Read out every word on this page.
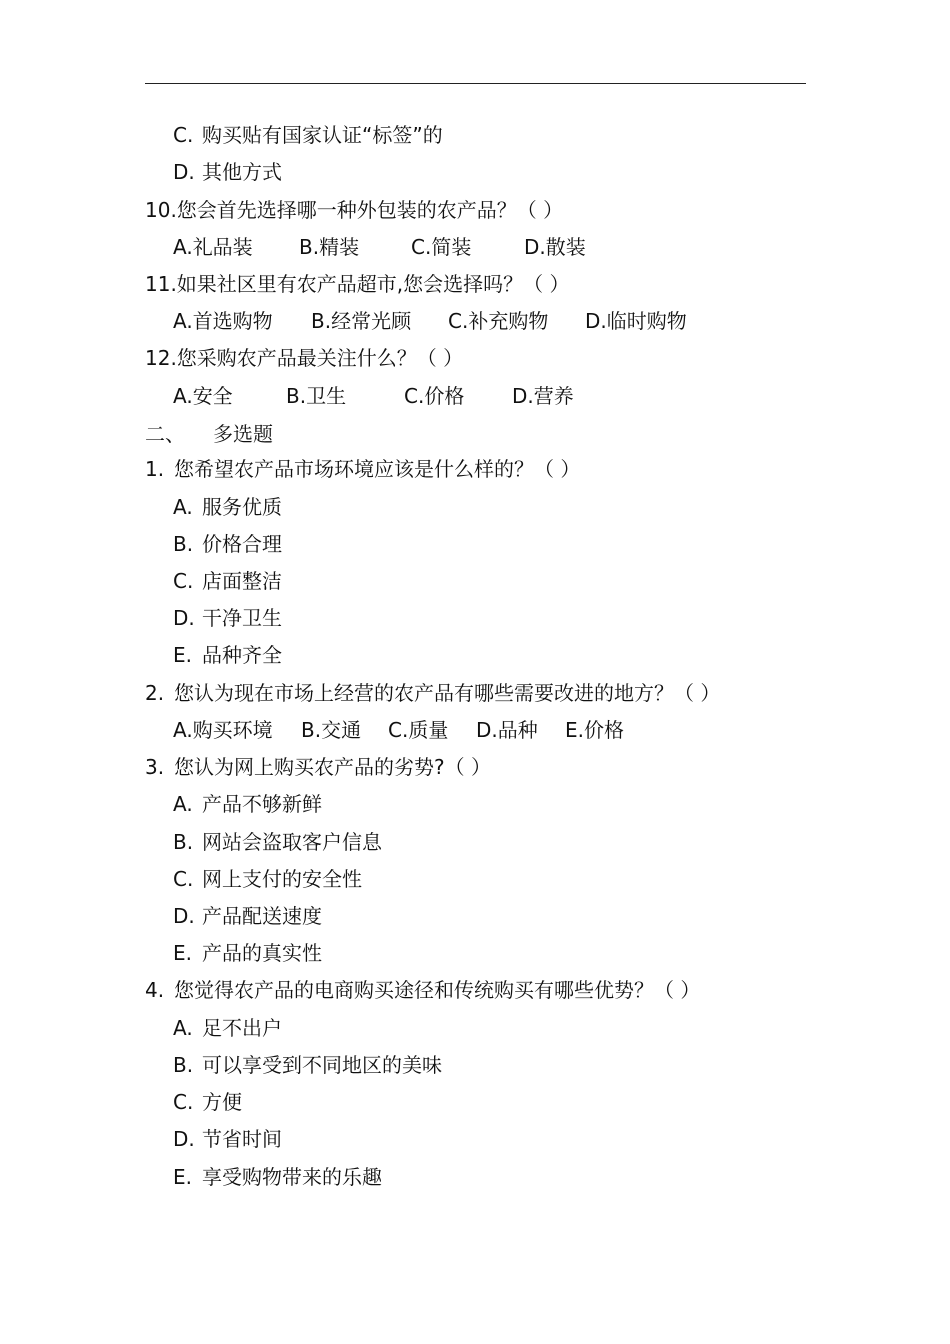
C. 购买贴有国家认证“标签”的
D. 其他方式
10.您会首先选择哪一种外包装的农产品？（ ）
A.礼品装 B.精装	C.简装	D.散装
11.如果社区里有农产品超市,您会选择吗？（ ）
A.首选购物 B.经常光顾 C.补充购物 D.临时购物
12.您采购农产品最关注什么？（ ）
A.安全	B.卫生	C.价格 D.营养
二、 多选题
1. 您希望农产品市场环境应该是什么样的？（ ）
A. 服务优质
B. 价格合理
C. 店面整洁
D. 干净卫生
E. 品种齐全
2. 您认为现在市场上经营的农产品有哪些需要改进的地方？（ ）
A.购买环境 B.交通 C.质量 D.品种 E.价格
3. 您认为网上购买农产品的劣势?（ ）
A. 产品不够新鲜
B. 网站会盗取客户信息
C. 网上支付的安全性
D. 产品配送速度
E. 产品的真实性
4. 您觉得农产品的电商购买途径和传统购买有哪些优势？（ ）
A. 足不出户
B. 可以享受到不同地区的美味
C. 方便
D. 节省时间
E. 享受购物带来的乐趣
